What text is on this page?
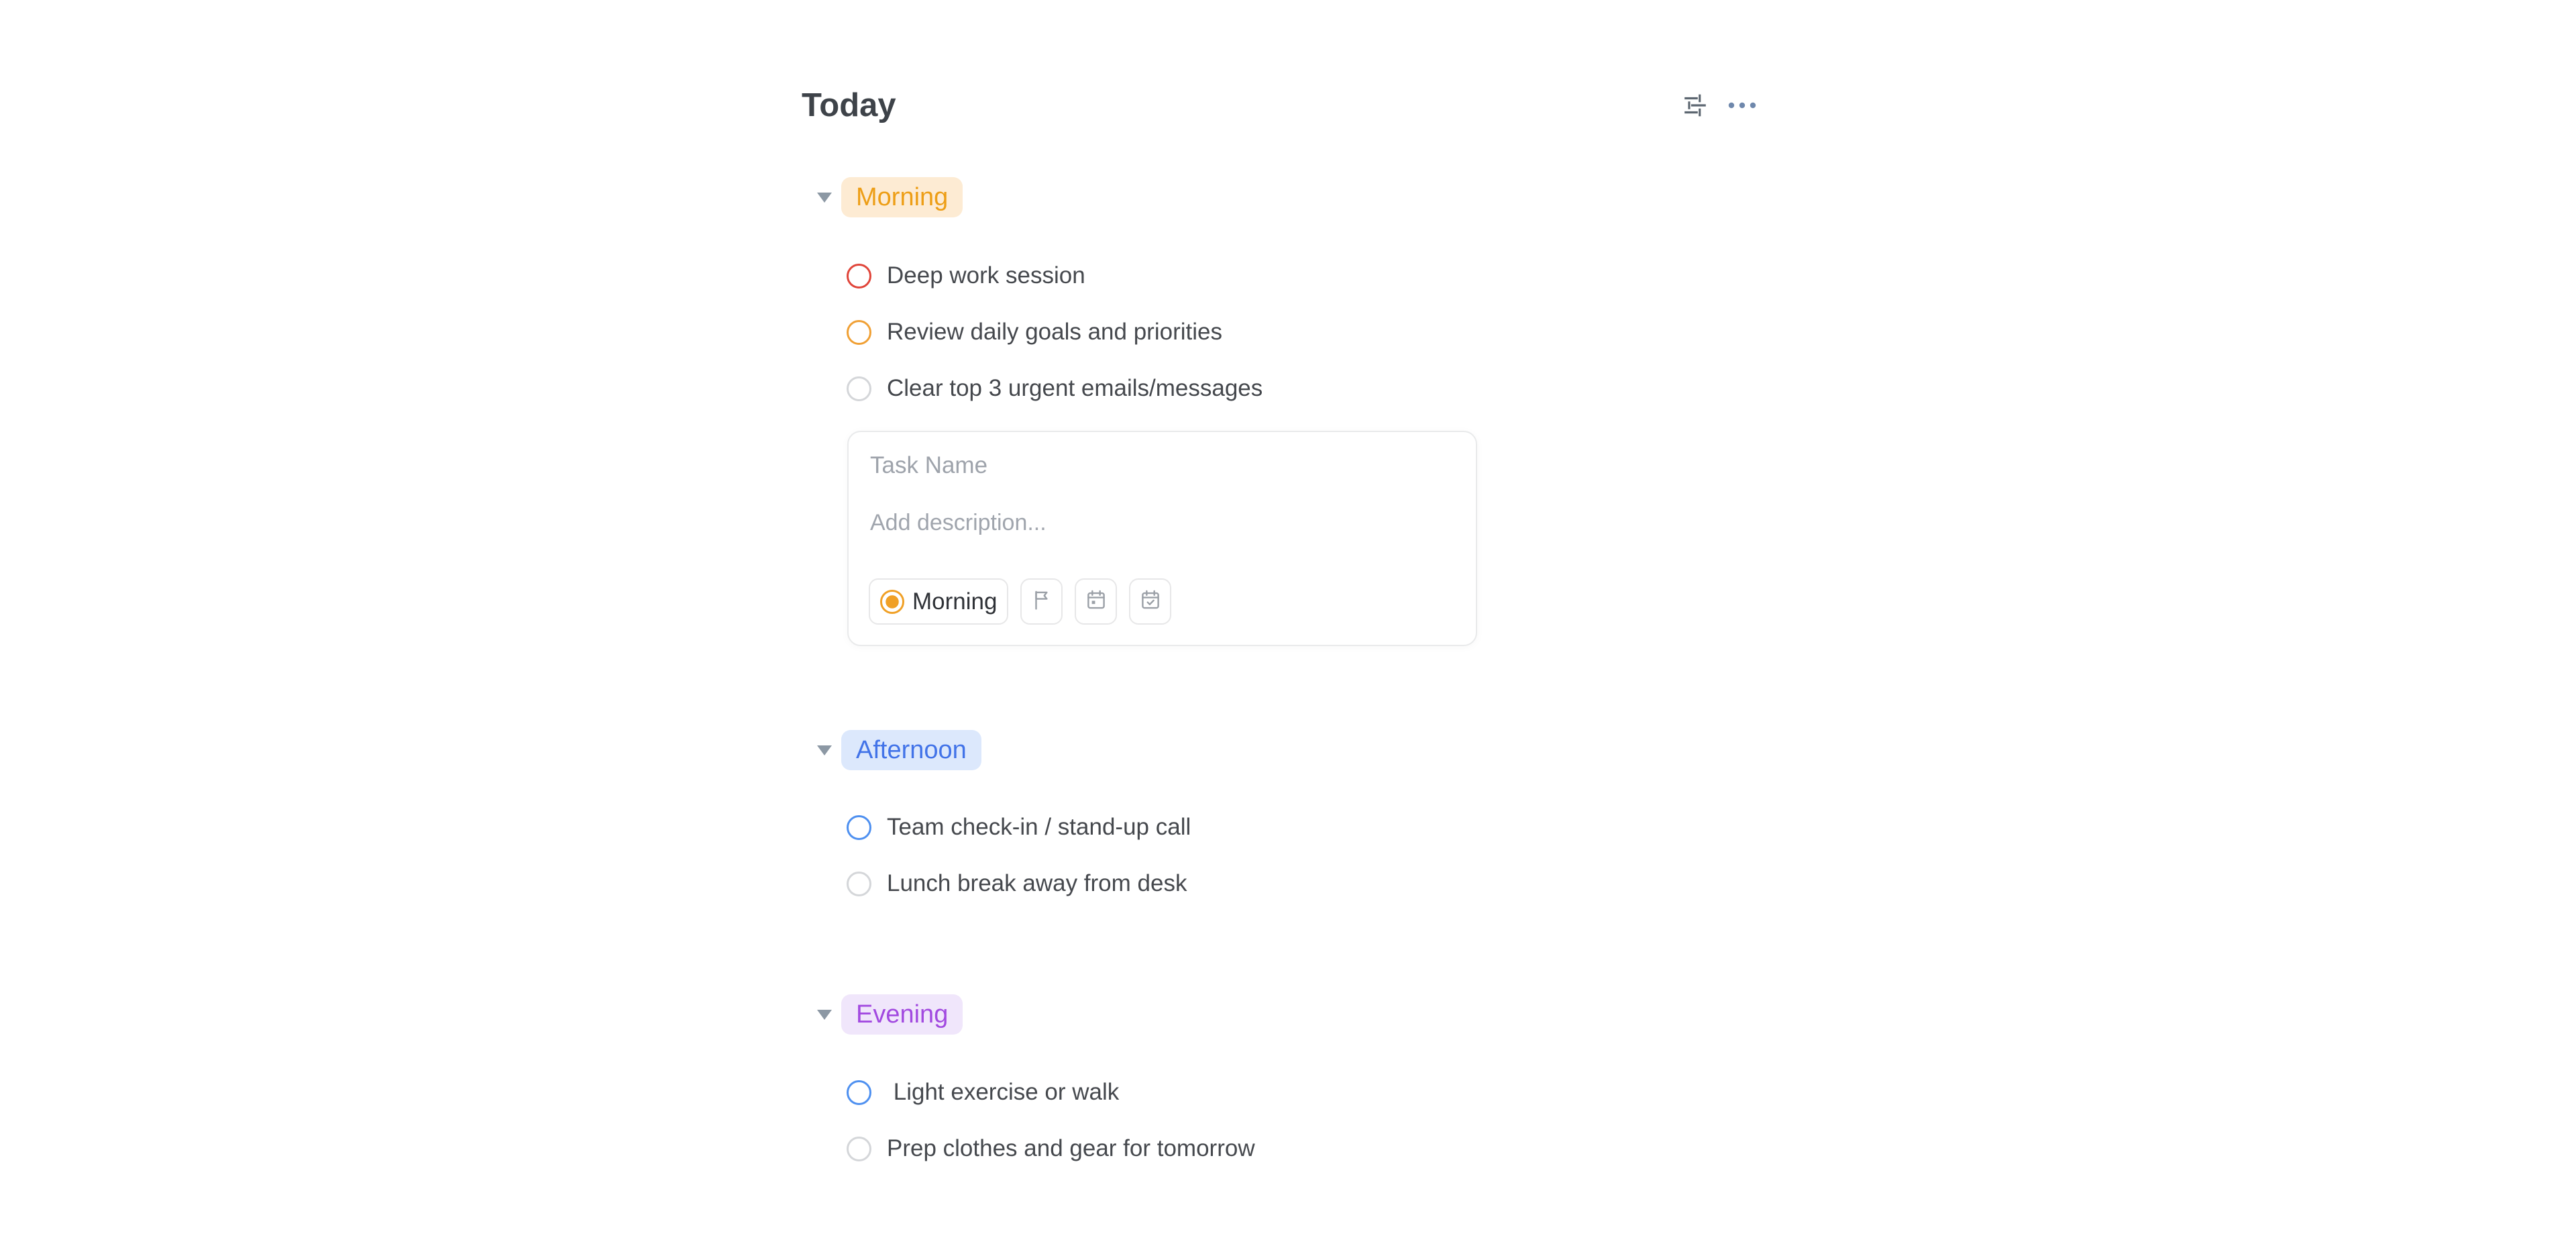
Today
Morning
Deep work session
Review daily goals and priorities
Clear top 3 urgent emails/messages
Task Name
Add description...
Morning
Afternoon
Team check-in / stand-up call
Lunch break away from desk
Evening
Light exercise or walk
Prep clothes and gear for tomorrow
